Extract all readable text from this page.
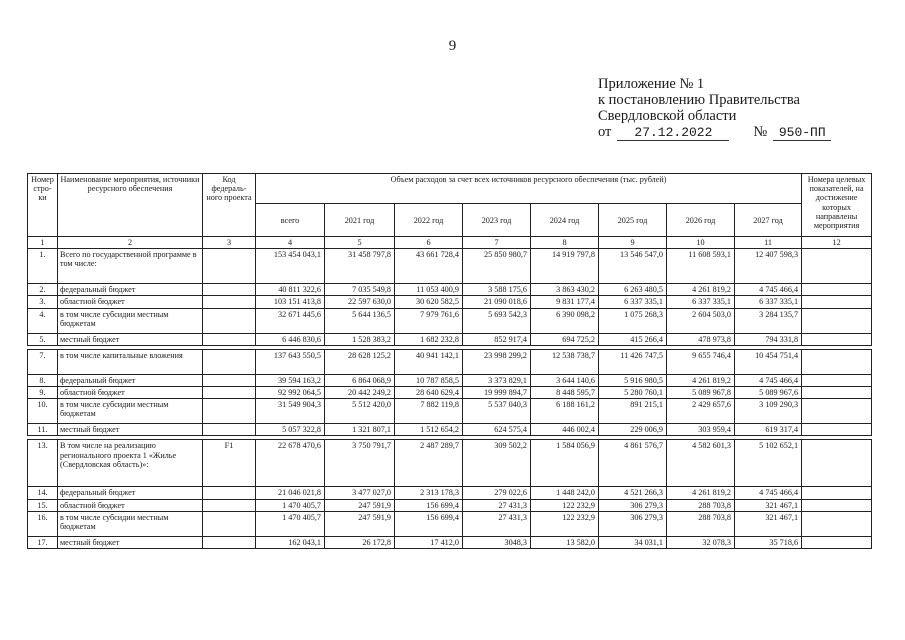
9
Приложение № 1
к постановлению Правительства
Свердловской области
от 27.12.2022	№ 950-ПП
Номер стро-ки	Наименование мероприятия, источники ресурсного обеспечения	Код федераль-ного проекта	Объем расходов за счет всех источников ресурсного обеспечения (тыс. рублей)								Номера целевых показателей, на достижение которых направлены мероприятия
			всего	2021 год	2022 год	2023 год	2024 год	2025 год	2026 год	2027 год	
1	2	3	4	5	6	7	8	9	10	11	12
1.	Всего по государственной программе в том числе:		153 454 043,1	31 458 797,8	43 661 728,4	25 850 980,7	14 919 797,8	13 546 547,0	11 608 593,1	12 407 598,3	
2.	федеральный бюджет		40 811 322,6	7 035 549,8	11 053 400,9	3 588 175,6	3 863 430,2	6 263 480,5	4 261 819,2	4 745 466,4	
3.	областной бюджет		103 151 413,8	22 597 630,0	30 620 582,5	21 090 018,6	9 831 177,4	6 337 335,1	6 337 335,1	6 337 335,1	
4.	в том числе субсидии местным бюджетам		32 671 445,6	5 644 136,5	7 979 761,6	5 693 542,3	6 390 098,2	1 075 268,3	2 604 503,0	3 284 135,7	
5.	местный бюджет		6 446 830,6	1 528 383,2	1 682 232,8	852 917,4	694 725,2	415 266,4	478 973,8	794 331,8	

7.	в том числе капитальные вложения		137 643 550,5	28 628 125,2	40 941 142,1	23 998 299,2	12 538 738,7	11 426 747,5	9 655 746,4	10 454 751,4	
8.	федеральный бюджет		39 594 163,2	6 864 068,9	10 787 858,5	3 373 829,1	3 644 140,6	5 916 980,5	4 261 819,2	4 745 466,4	
9.	областной бюджет		92 992 064,5	20 442 249,2	28 640 629,4	19 999 894,7	8 448 595,7	5 280 760,1	5 089 967,8	5 089 967,6	
10.	в том числе субсидии местным бюджетам		31 549 904,3	5 512 420,0	7 882 119,8	5 537 040,3	6 188 161,2	891 215,1	2 429 657,6	3 109 290,3	
11.	местный бюджет		5 057 322,8	1 321 807,1	1 512 654,2	624 575,4	446 002,4	229 006,9	303 959,4	619 317,4	

13.	В том числе на реализацию регионального проекта 1 «Жилье (Свердловская область)»:	F1	22 678 470,6	3 750 791,7	2 487 289,7	309 502,2	1 584 056,9	4 861 576,7	4 582 601,3	5 102 652,1	
14.	федеральный бюджет		21 046 021,8	3 477 027,0	2 313 178,3	279 022,6	1 448 242,0	4 521 266,3	4 261 819,2	4 745 466,4	
15.	областной бюджет		1 470 405,7	247 591,9	156 699,4	27 431,3	122 232,9	306 279,3	288 703,8	321 467,1	
16.	в том числе субсидии местным бюджетам		1 470 405,7	247 591,9	156 699,4	27 431,3	122 232,9	306 279,3	288 703,8	321 467,1	
17.	местный бюджет		162 043,1	26 172,8	17 412,0	3048,3	13 582,0	34 031,1	32 078,3	35 718,6	
